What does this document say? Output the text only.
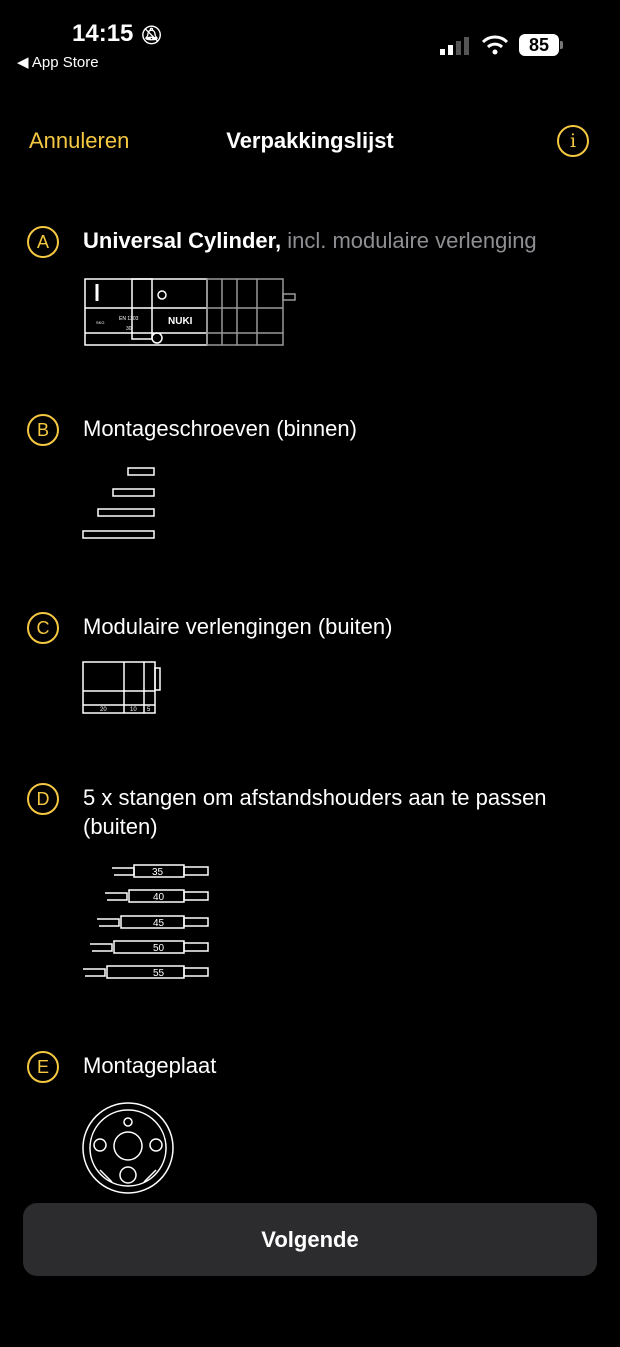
14:15 🔕︎
◀ App Store
85
Verpakkingslijst
Annuleren	i
A	Universal Cylinder, incl. modulaire verlenging
NUKI
EN 1303
30
SKG
B	Montageschroeven (binnen)
C	Modulaire verlengingen (buiten)
20	10 5
D	5 x stangen om afstandshouders aan te passen (buiten)
35
40
45
50
55
E	Montageplaat
Volgende
